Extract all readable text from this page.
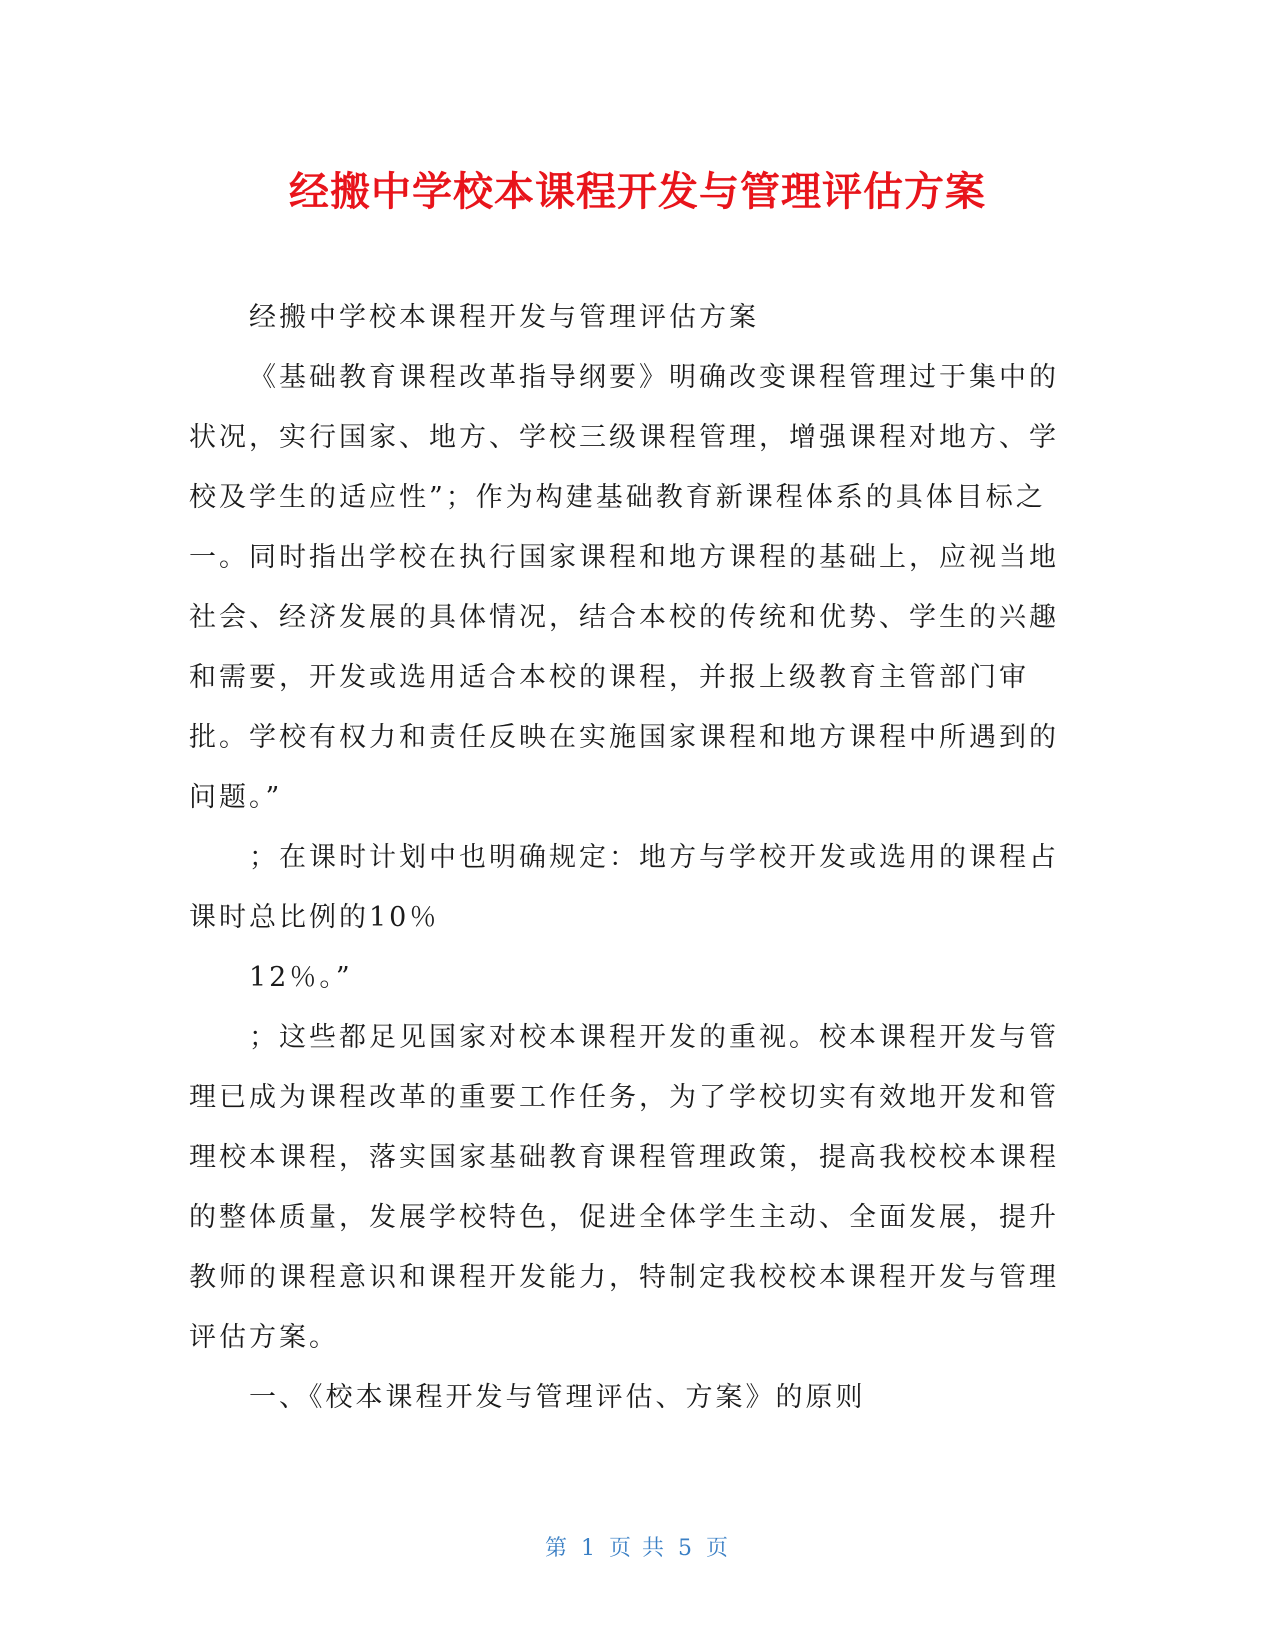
经搬中学校本课程开发与管理评估方案

经搬中学校本课程开发与管理评估方案

《基础教育课程改革指导纲要》明确改变课程管理过于集中的状况，实行国家、地方、学校三级课程管理，增强课程对地方、学校及学生的适应性”；作为构建基础教育新课程体系的具体目标之一。同时指出学校在执行国家课程和地方课程的基础上，应视当地社会、经济发展的具体情况，结合本校的传统和优势、学生的兴趣和需要，开发或选用适合本校的课程，并报上级教育主管部门审批。学校有权力和责任反映在实施国家课程和地方课程中所遇到的问题。”

；在课时计划中也明确规定：地方与学校开发或选用的课程占课时总比例的10％

12％。”

；这些都足见国家对校本课程开发的重视。校本课程开发与管理已成为课程改革的重要工作任务，为了学校切实有效地开发和管理校本课程，落实国家基础教育课程管理政策，提高我校校本课程的整体质量，发展学校特色，促进全体学生主动、全面发展，提升教师的课程意识和课程开发能力，特制定我校校本课程开发与管理评估方案。

一、《校本课程开发与管理评估、方案》的原则

第 1 页 共 5 页
